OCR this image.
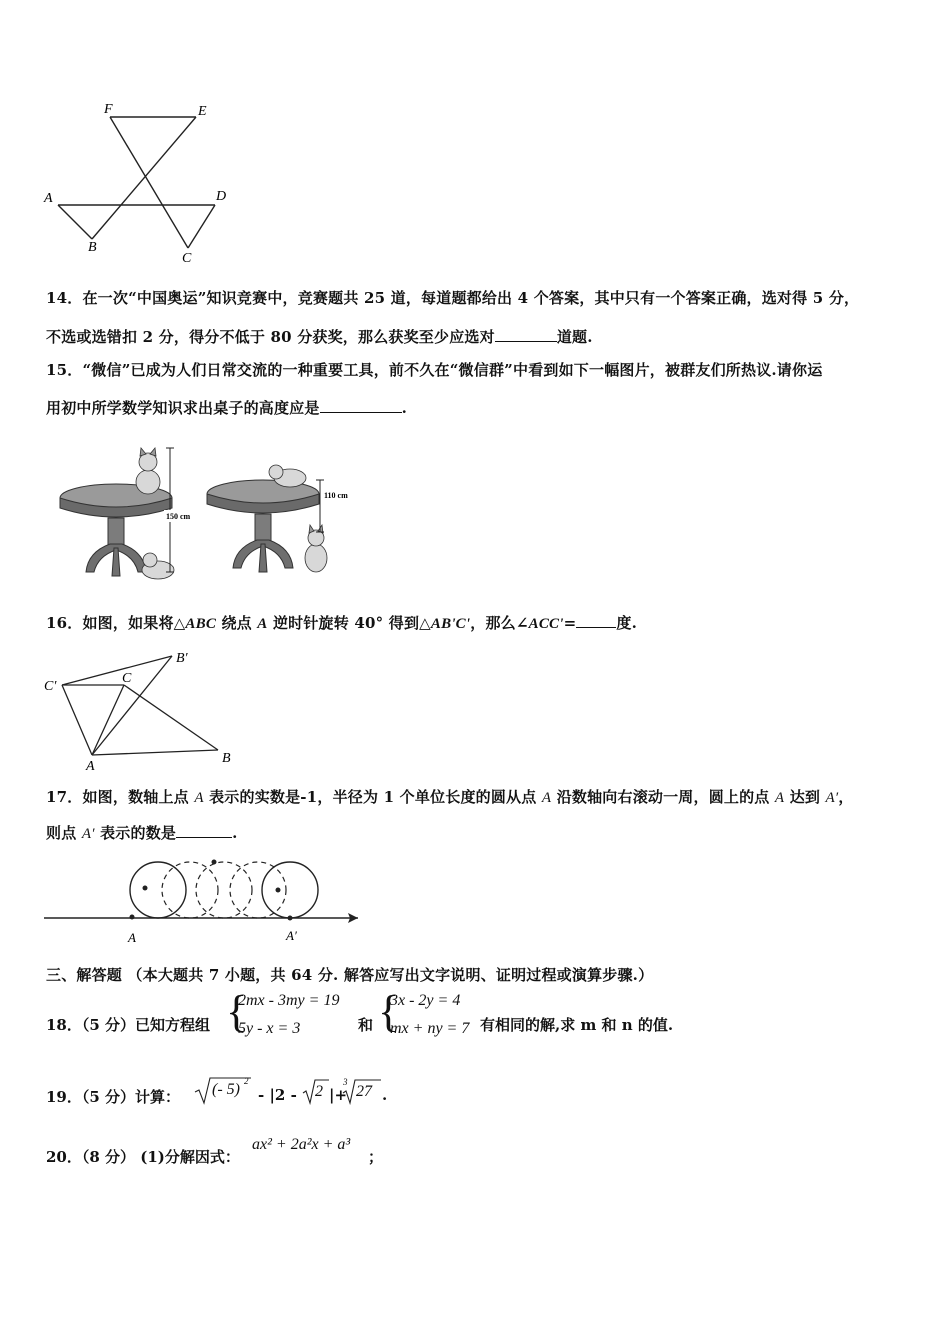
F	E
A	D
B
C
14．在一次“中国奥运”知识竞赛中，竞赛题共 25 道，每道题都给出 4 个答案，其中只有一个答案正确，选对得 5 分，
不选或选错扣 2 分，得分不低于 80 分获奖，那么获奖至少应选对	道题.
15．“微信”已成为人们日常交流的一种重要工具，前不久在“微信群”中看到如下一幅图片，被群友们所热议.请你运
用初中所学数学知识求出桌子的高度应是	.
150 cm
110 cm
16．如图，如果将△ABC 绕点 A 逆时针旋转 40° 得到△AB'C'，那么∠ACC'=	度.
B′
C′
C
A
B
17．如图，数轴上点 A 表示的实数是-1，半径为 1 个单位长度的圆从点 A 沿数轴向右滚动一周，圆上的点 A 达到 A′，
则点 A′ 表示的数是	.
A	A′
三、解答题 （本大题共 7 小题，共 64 分. 解答应写出文字说明、证明过程或演算步骤.）
18．（5 分）已知方程组 {
2mx - 3my = 19
5y - x = 3	和 {
3x - 2y = 4
mx + ny = 7 有相同的解,求 m 和 n 的值.
19．（5 分）计算： (- 5) 2
- |2 - 2 |+
3
27 .
20．（8 分） (1)分解因式：
ax² + 2a²x + a³
；
